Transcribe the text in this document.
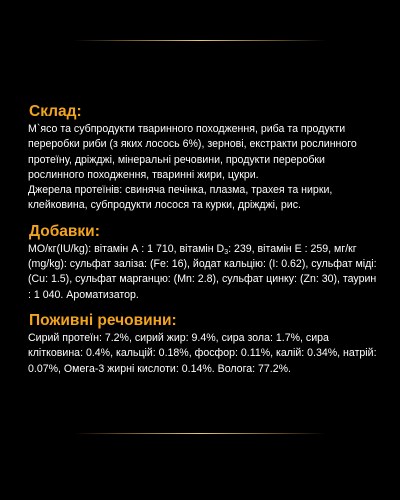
Склад:

М`ясо та субпродукти тваринного походження, риба та продукти переробки риби (з яких лосось 6%), зернові, екстракти рослинного протеїну, дріжджі, мінеральні речовини, продукти переробки рослинного походження, тваринні жири, цукри.

Джерела протеїнів: свиняча печінка, плазма, трахея та нирки, клейковина, субпродукти лосося та курки, дріжджі, рис.

Добавки:

МО/кг(IU/kg): вітамін А : 1 710, вітамін $D_3$: 239, вітамін Е : 259, мг/кг (mg/kg): сульфат заліза: (Fe: 16), йодат кальцію: (I: 0.62), сульфат міді: (Cu: 1.5), сульфат марганцю: (Mn: 2.8), сульфат цинку: (Zn: 30), таурин : 1 040. Ароматизатор.

Поживні речовини:

Сирий протеїн: 7.2%, сирий жир: 9.4%, сира зола: 1.7%, сира клітковина: 0.4%, кальцій: 0.18%, фосфор: 0.11%, калій: 0.34%, натрій: 0.07%, Омега-3 жирні кислоти: 0.14%. Волога: 77.2%.
